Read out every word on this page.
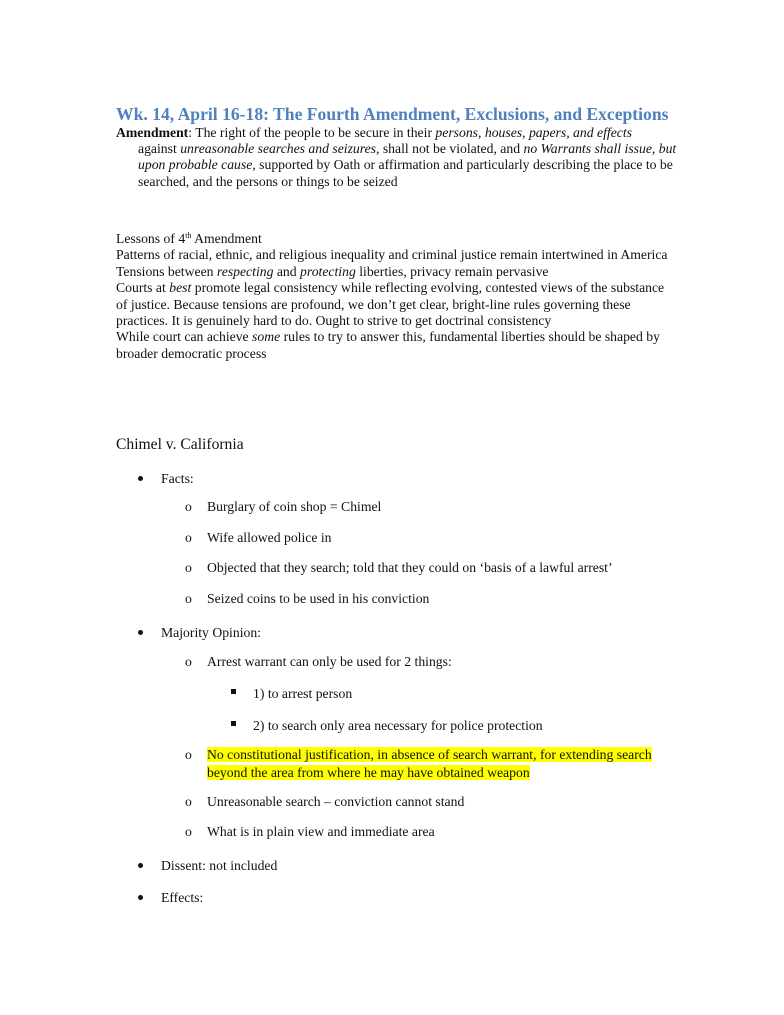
Wk. 14, April 16-18: The Fourth Amendment, Exclusions, and Exceptions
Amendment: The right of the people to be secure in their persons, houses, papers, and effects
against unreasonable searches and seizures, shall not be violated, and no Warrants shall issue, but upon probable cause, supported by Oath or affirmation and particularly describing the place to be searched, and the persons or things to be seized

Lessons of 4th Amendment

Patterns of racial, ethnic, and religious inequality and criminal justice remain intertwined in America

Tensions between respecting and protecting liberties, privacy remain pervasive

Courts at best promote legal consistency while reflecting evolving, contested views of the substance of justice. Because tensions are profound, we don’t get clear, bright-line rules governing these practices. It is genuinely hard to do. Ought to strive to get doctrinal consistency

While court can achieve some rules to try to answer this, fundamental liberties should be shaped by broader democratic process

Chimel v. California
Facts:
o Burglary of coin shop = Chimel
o Wife allowed police in
o Objected that they search; told that they could on ‘basis of a lawful arrest’
o Seized coins to be used in his conviction
Majority Opinion:
o Arrest warrant can only be used for 2 things:
1) to arrest person
2) to search only area necessary for police protection
o No constitutional justification, in absence of search warrant, for extending search beyond the area from where he may have obtained weapon
o Unreasonable search – conviction cannot stand
o What is in plain view and immediate area
Dissent: not included
Effects:
